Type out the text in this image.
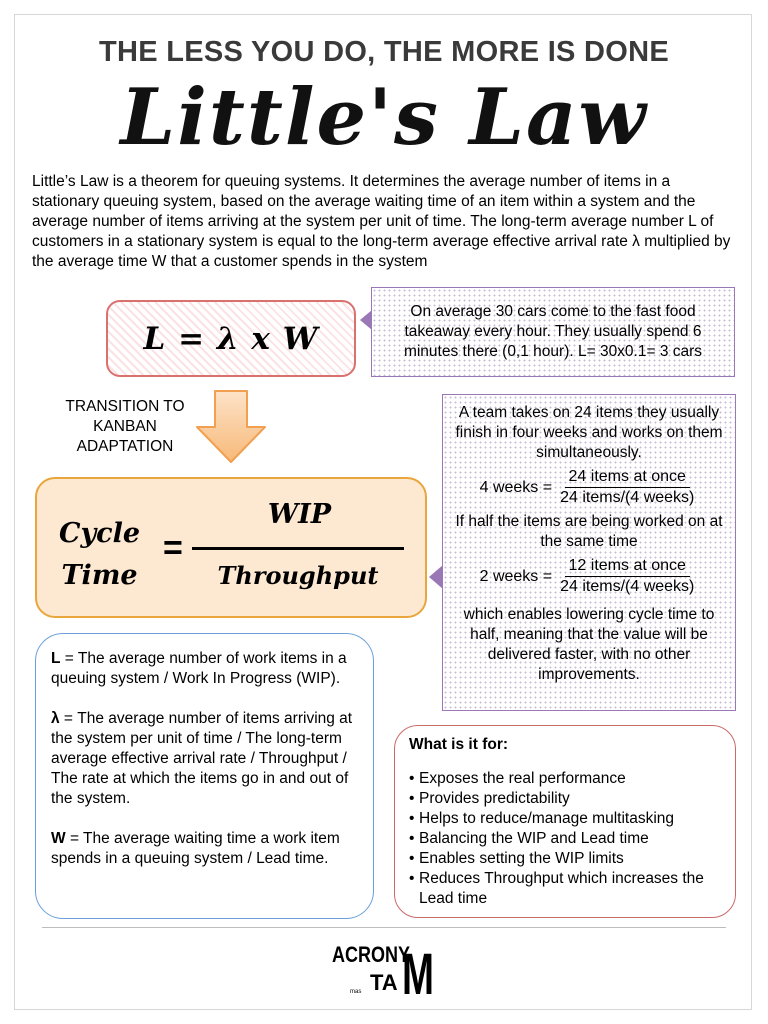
THE LESS YOU DO, THE MORE IS DONE
Little's Law
Little’s Law is a theorem for queuing systems. It determines the average number of items in a stationary queuing system, based on the average waiting time of an item within a system and the average number of items arriving at the system per unit of time. The long-term average number L of customers in a stationary system is equal to the long-term average effective arrival rate λ multiplied by the average time W that a customer spends in the system
L = λ x W
On average 30 cars come to the fast food takeaway every hour. They usually spend 6 minutes there (0,1 hour). L= 30x0.1= 3 cars
TRANSITION TO KANBAN ADAPTATION
Cycle
Time
=
WIP
Throughput
A team takes on 24 items they usually finish in four weeks and works on them simultaneously.
4 weeks =
24 items at once
24 items/(4 weeks)
If half the items are being worked on at the same time
2 weeks =
12 items at once
24 items/(4 weeks)
which enables lowering cycle time to half, meaning that the value will be delivered faster, with no other improvements.

L = The average number of work items in a queuing system / Work In Progress (WIP).

λ = The average number of items arriving at the system per unit of time / The long-term average effective arrival rate / Throughput / The rate at which the items go in and out of the system.

W = The average waiting time a work item spends in a queuing system / Lead time.

What is it for:
• Exposes the real performance
• Provides predictability
• Helps to reduce/manage multitasking
• Balancing the WIP and Lead time
• Enables setting the WIP limits
• Reduces Throughput which increases the Lead time
ACRONY
TA M
mas
